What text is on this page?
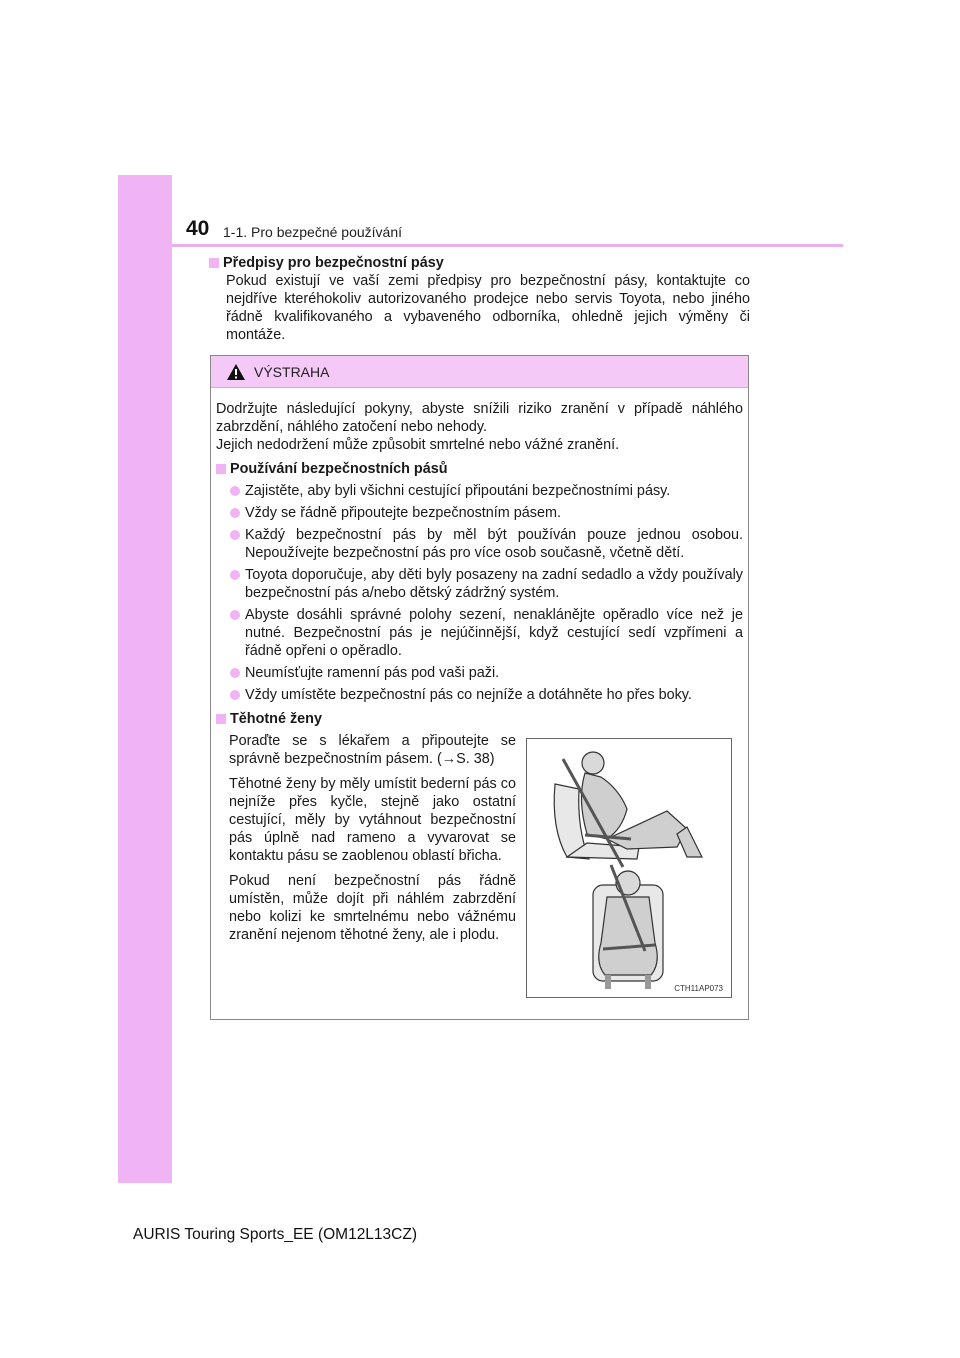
40 1-1. Pro bezpečné používání
Předpisy pro bezpečnostní pásy

Pokud existují ve vaší zemi předpisy pro bezpečnostní pásy, kontaktujte co nejdříve kteréhokoliv autorizovaného prodejce nebo servis Toyota, nebo jiného řádně kvalifikovaného a vybaveného odborníka, ohledně jejich výměny či montáže.

VÝSTRAHA

Dodržujte následující pokyny, abyste snížili riziko zranění v případě náhlého zabrzdění, náhlého zatočení nebo nehody.

Jejich nedodržení může způsobit smrtelné nebo vážné zranění.

Používání bezpečnostních pásů
Zajistěte, aby byli všichni cestující připoutáni bezpečnostními pásy.
Vždy se řádně připoutejte bezpečnostním pásem.
Každý bezpečnostní pás by měl být používán pouze jednou osobou. Nepoužívejte bezpečnostní pás pro více osob současně, včetně dětí.
Toyota doporučuje, aby děti byly posazeny na zadní sedadlo a vždy používaly bezpečnostní pás a/nebo dětský zádržný systém.
Abyste dosáhli správné polohy sezení, nenaklánějte opěradlo více než je nutné. Bezpečnostní pás je nejúčinnější, když cestující sedí vzpřímeni a řádně opřeni o opěradlo.
Neumísťujte ramenní pás pod vaši paži.
Vždy umístěte bezpečnostní pás co nejníže a dotáhněte ho přes boky.
Těhotné ženy

Poraďte se s lékařem a připoutejte se správně bezpečnostním pásem. (→S. 38)

Těhotné ženy by měly umístit bederní pás co nejníže přes kyčle, stejně jako ostatní cestující, měly by vytáhnout bezpečnostní pás úplně nad rameno a vyvarovat se kontaktu pásu se zaoblenou oblastí břicha.

Pokud není bezpečnostní pás řádně umístěn, může dojít při náhlém zabrzdění nebo kolizi ke smrtelnému nebo vážnému zranění nejenom těhotné ženy, ale i plodu.

CTH11AP073
AURIS Touring Sports_EE (OM12L13CZ)
